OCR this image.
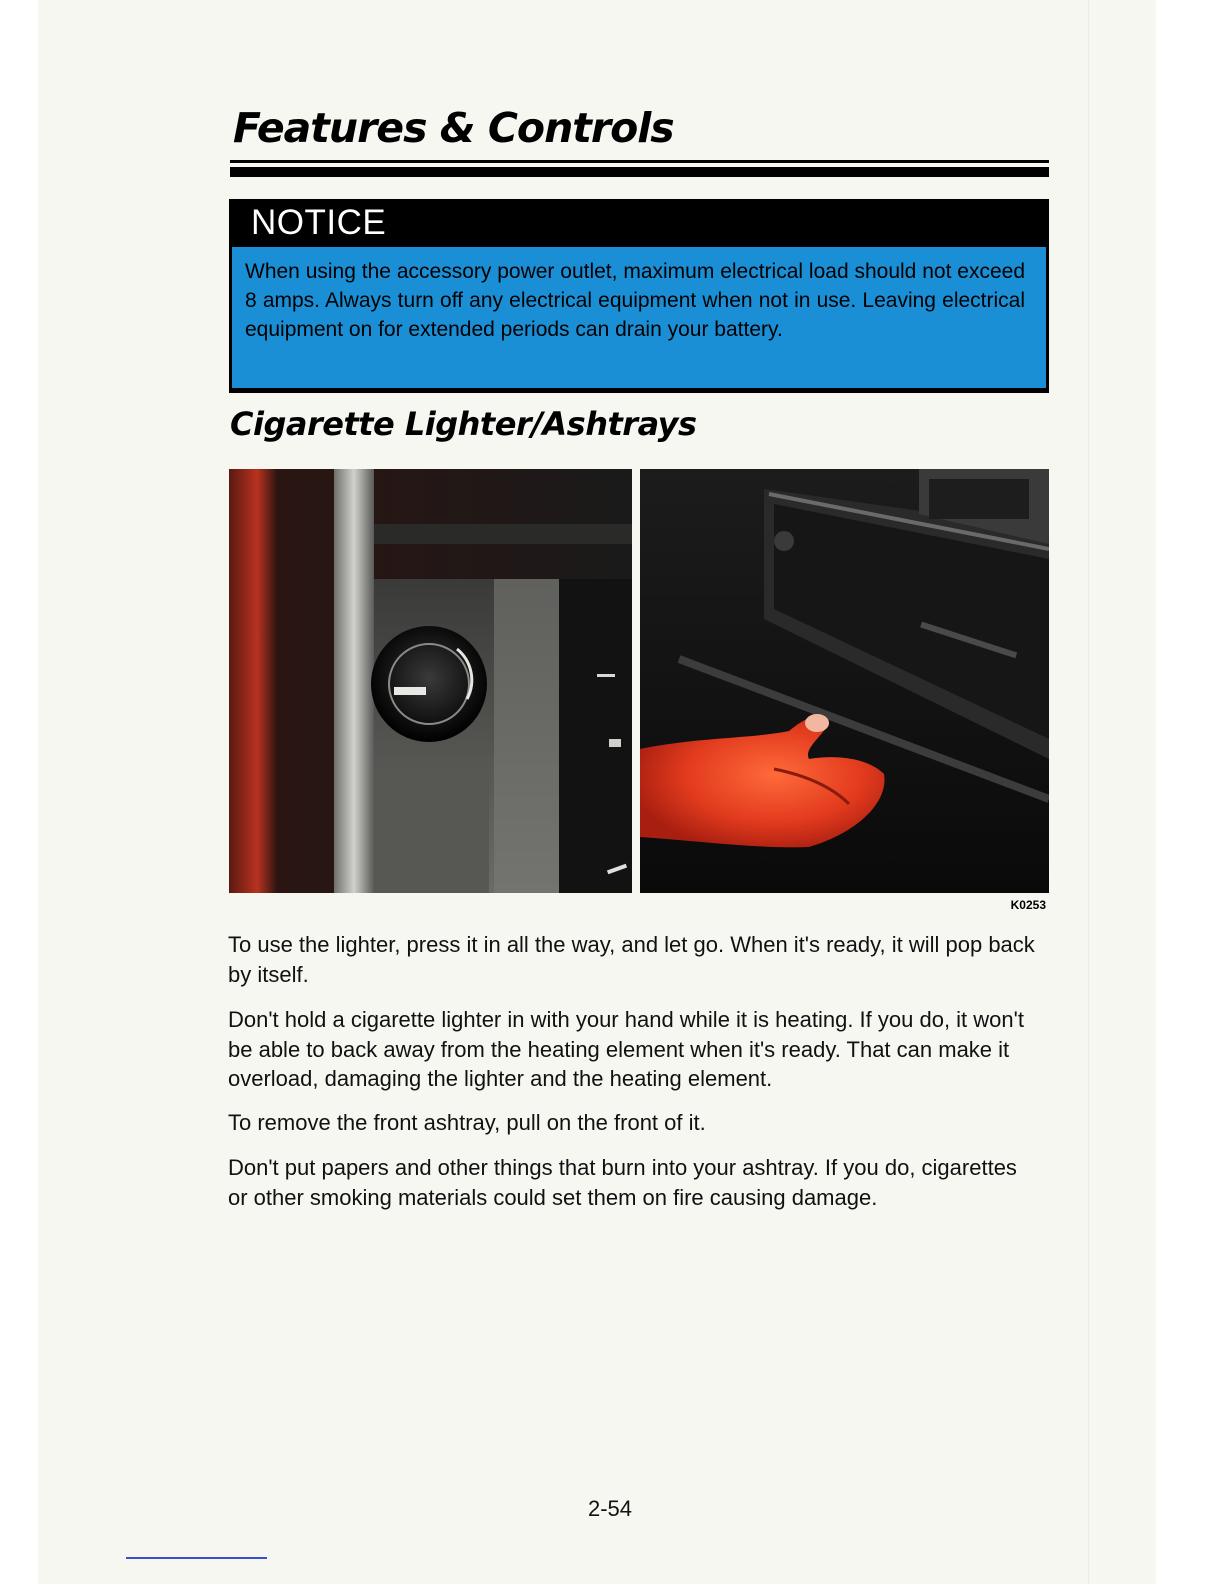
Features & Controls
NOTICE

When using the accessory power outlet, maximum electrical load should not exceed 8 amps. Always turn off any electrical equipment when not in use. Leaving electrical equipment on for extended periods can drain your battery.

Cigarette Lighter/Ashtrays
K0253

To use the lighter, press it in all the way, and let go. When it's ready, it will pop back by itself.

Don't hold a cigarette lighter in with your hand while it is heating. If you do, it won't be able to back away from the heating element when it's ready. That can make it overload, damaging the lighter and the heating element.

To remove the front ashtray, pull on the front of it.

Don't put papers and other things that burn into your ashtray. If you do, cigarettes or other smoking materials could set them on fire causing damage.

2-54
